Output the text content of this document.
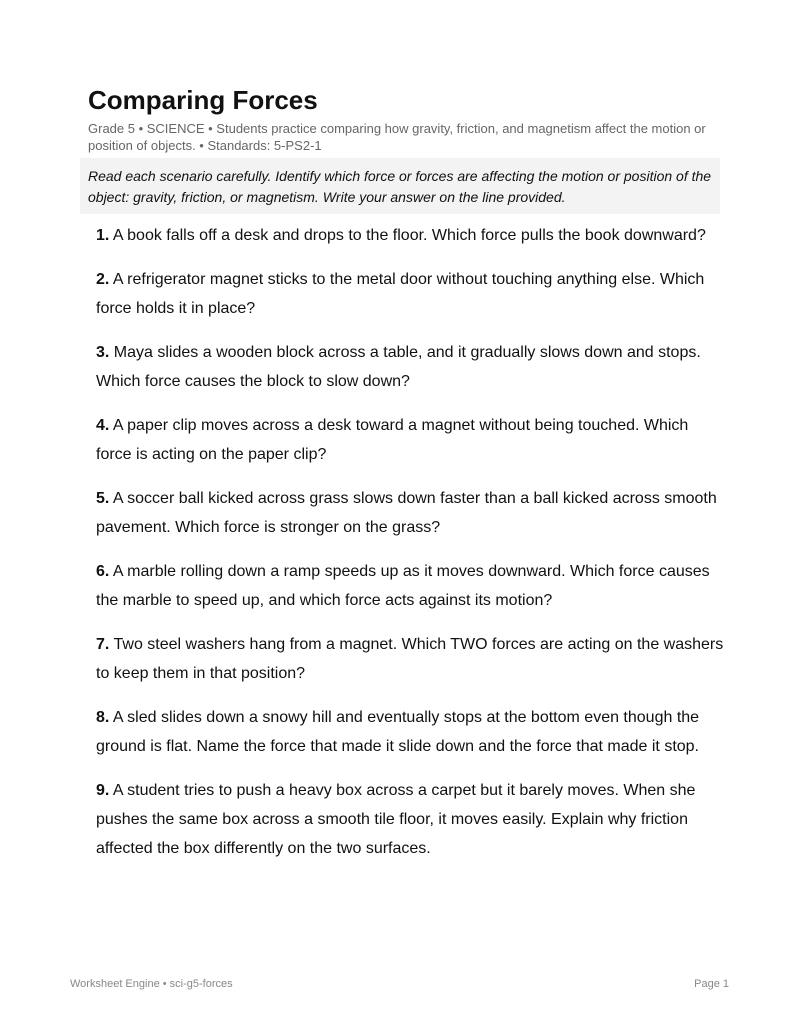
Comparing Forces

Grade 5 • SCIENCE • Students practice comparing how gravity, friction, and magnetism affect the motion or position of objects. • Standards: 5-PS2-1

Read each scenario carefully. Identify which force or forces are affecting the motion or position of the object: gravity, friction, or magnetism. Write your answer on the line provided.
1. A book falls off a desk and drops to the floor. Which force pulls the book downward?
2. A refrigerator magnet sticks to the metal door without touching anything else. Which force holds it in place?
3. Maya slides a wooden block across a table, and it gradually slows down and stops. Which force causes the block to slow down?
4. A paper clip moves across a desk toward a magnet without being touched. Which force is acting on the paper clip?
5. A soccer ball kicked across grass slows down faster than a ball kicked across smooth pavement. Which force is stronger on the grass?
6. A marble rolling down a ramp speeds up as it moves downward. Which force causes the marble to speed up, and which force acts against its motion?
7. Two steel washers hang from a magnet. Which TWO forces are acting on the washers to keep them in that position?
8. A sled slides down a snowy hill and eventually stops at the bottom even though the ground is flat. Name the force that made it slide down and the force that made it stop.
9. A student tries to push a heavy box across a carpet but it barely moves. When she pushes the same box across a smooth tile floor, it moves easily. Explain why friction affected the box differently on the two surfaces.
Worksheet Engine • sci-g5-forces	Page 1
